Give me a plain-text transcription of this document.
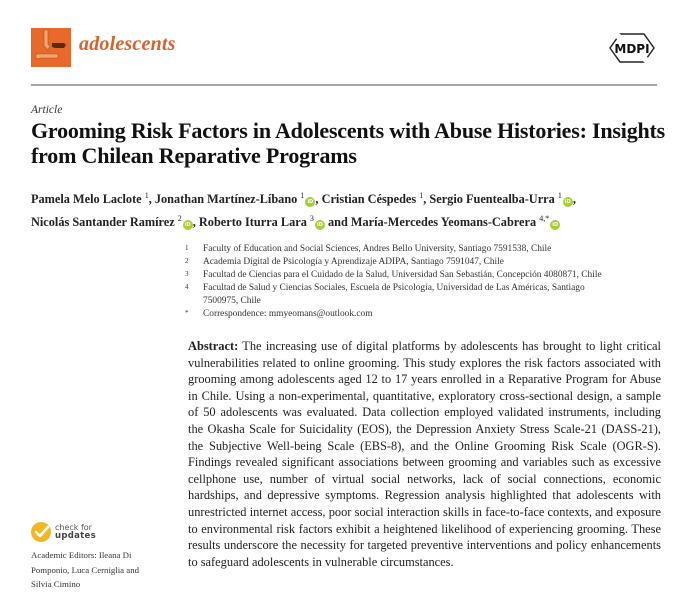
adolescents	MDPI
Article
Grooming Risk Factors in Adolescents with Abuse Histories: Insights from Chilean Reparative Programs
Pamela Melo Laclote $^1$, Jonathan Martínez-Líbano $^1$iD , Cristian Céspedes $^1$, Sergio Fuentealba-Urra $^1$iD ,
Nicolás Santander Ramírez $^2$iD , Roberto Iturra Lara $^3$iD and María-Mercedes Yeomans-Cabrera $^{4,*}$iD
1	Faculty of Education and Social Sciences, Andres Bello University, Santiago 7591538, Chile
2	Academia Digital de Psicología y Aprendizaje ADIPA, Santiago 7591047, Chile
3	Facultad de Ciencias para el Cuidado de la Salud, Universidad San Sebastián, Concepción 4080871, Chile
4	Facultad de Salud y Ciencias Sociales, Escuela de Psicología, Universidad de Las Américas, Santiago 7500975, Chile
*	Correspondence: mmyeomans@outlook.com
Abstract: The increasing use of digital platforms by adolescents has brought to light critical vulnerabilities related to online grooming. This study explores the risk factors associated with grooming among adolescents aged 12 to 17 years enrolled in a Reparative Program for Abuse in Chile. Using a non-experimental, quantitative, exploratory cross-sectional design, a sample of 50 adolescents was evaluated. Data collection employed validated instruments, including the Okasha Scale for Suicidality (EOS), the Depression Anxiety Stress Scale-21 (DASS-21), the Subjective Well-being Scale (EBS-8), and the Online Grooming Risk Scale (OGR-S). Findings revealed significant associations between grooming and variables such as excessive cellphone use, number of virtual social networks, lack of social connections, economic hardships, and depressive symptoms. Regression analysis highlighted that adolescents with unrestricted internet access, poor social interaction skills in face-to-face contexts, and exposure to environmental risk factors exhibit a heightened likelihood of experiencing grooming. These results underscore the necessity for targeted preventive interventions and policy enhancements to safeguard adolescents in vulnerable circumstances.
check for
updates
Academic Editors: Ileana Di Pomponio, Luca Cerniglia and Silvia Cimino
